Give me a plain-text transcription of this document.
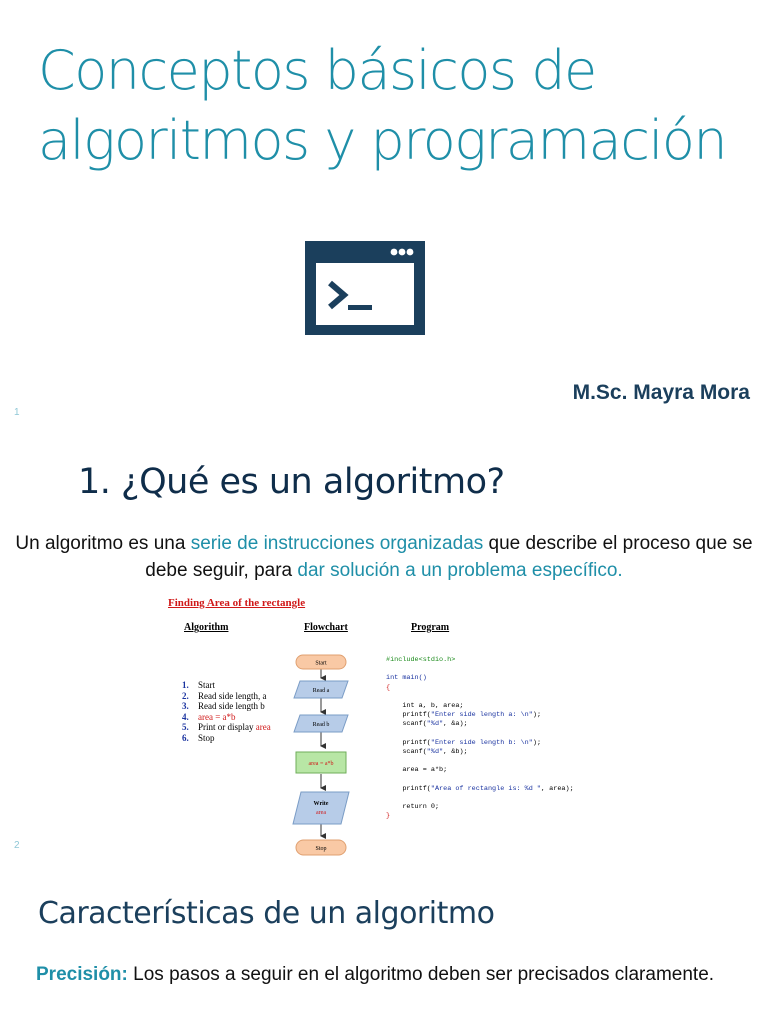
Conceptos básicos de
algoritmos y programación
M.Sc. Mayra Mora
1
1. ¿Qué es un algoritmo?

Un algoritmo es una serie de instrucciones organizadas que describe el proceso que se debe seguir, para dar solución a un problema específico.

Finding Area of the rectangle
Algorithm	Flowchart	Program
1. Start
2. Read side length, a
3. Read side length b
4. area = a*b
5. Print or display area
6. Stop
Start
Read a
Read b
area = a*b
Write
area
Stop
#include<stdio.h>
int main()
{
int a, b, area;
printf("Enter side length a: \n");
scanf("%d", &a);
printf("Enter side length b: \n");
scanf("%d", &b);
area = a*b;
printf("Area of rectangle is: %d ", area);
return 0;
}
2
Características de un algoritmo

Precisión: Los pasos a seguir en el algoritmo deben ser precisados claramente.
